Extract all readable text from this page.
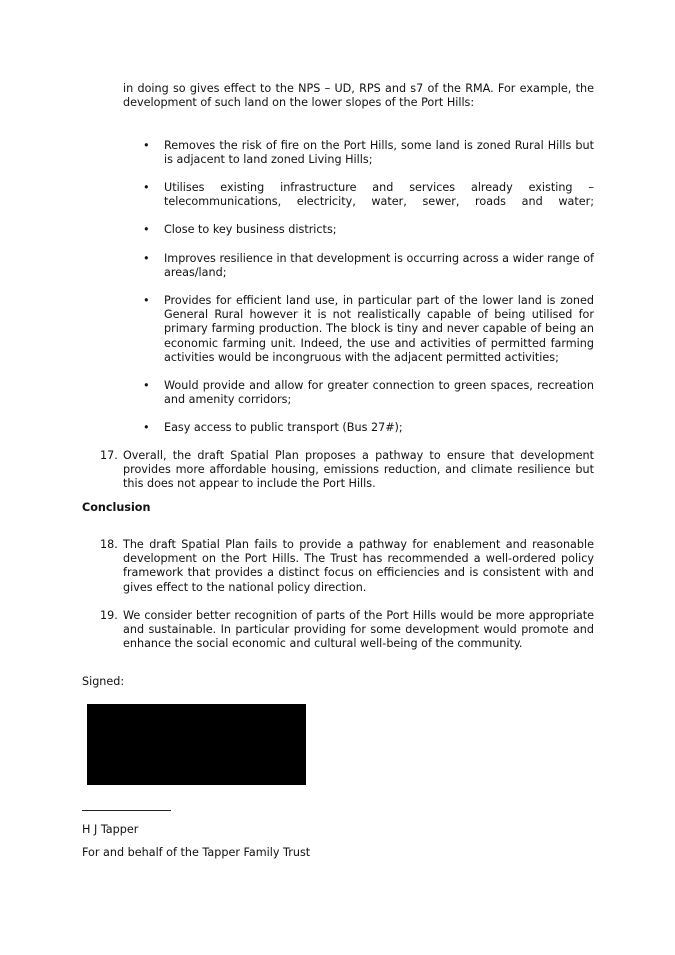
in doing so gives effect to the NPS – UD, RPS and s7 of the RMA. For example, the development of such land on the lower slopes of the Port Hills:
• Removes the risk of fire on the Port Hills, some land is zoned Rural Hills but is adjacent to land zoned Living Hills;
• Utilises existing infrastructure and services already existing – telecommunications, electricity, water, sewer, roads and water;
• Close to key business districts;
• Improves resilience in that development is occurring across a wider range of areas/land;
• Provides for efficient land use, in particular part of the lower land is zoned General Rural however it is not realistically capable of being utilised for primary farming production. The block is tiny and never capable of being an economic farming unit. Indeed, the use and activities of permitted farming activities would be incongruous with the adjacent permitted activities;
• Would provide and allow for greater connection to green spaces, recreation and amenity corridors;
• Easy access to public transport (Bus 27#);
17. Overall, the draft Spatial Plan proposes a pathway to ensure that development provides more affordable housing, emissions reduction, and climate resilience but this does not appear to include the Port Hills.
Conclusion
18. The draft Spatial Plan fails to provide a pathway for enablement and reasonable development on the Port Hills. The Trust has recommended a well-ordered policy framework that provides a distinct focus on efficiencies and is consistent with and gives effect to the national policy direction.
19. We consider better recognition of parts of the Port Hills would be more appropriate and sustainable. In particular providing for some development would promote and enhance the social economic and cultural well-being of the community.
Signed:
H J Tapper
For and behalf of the Tapper Family Trust
